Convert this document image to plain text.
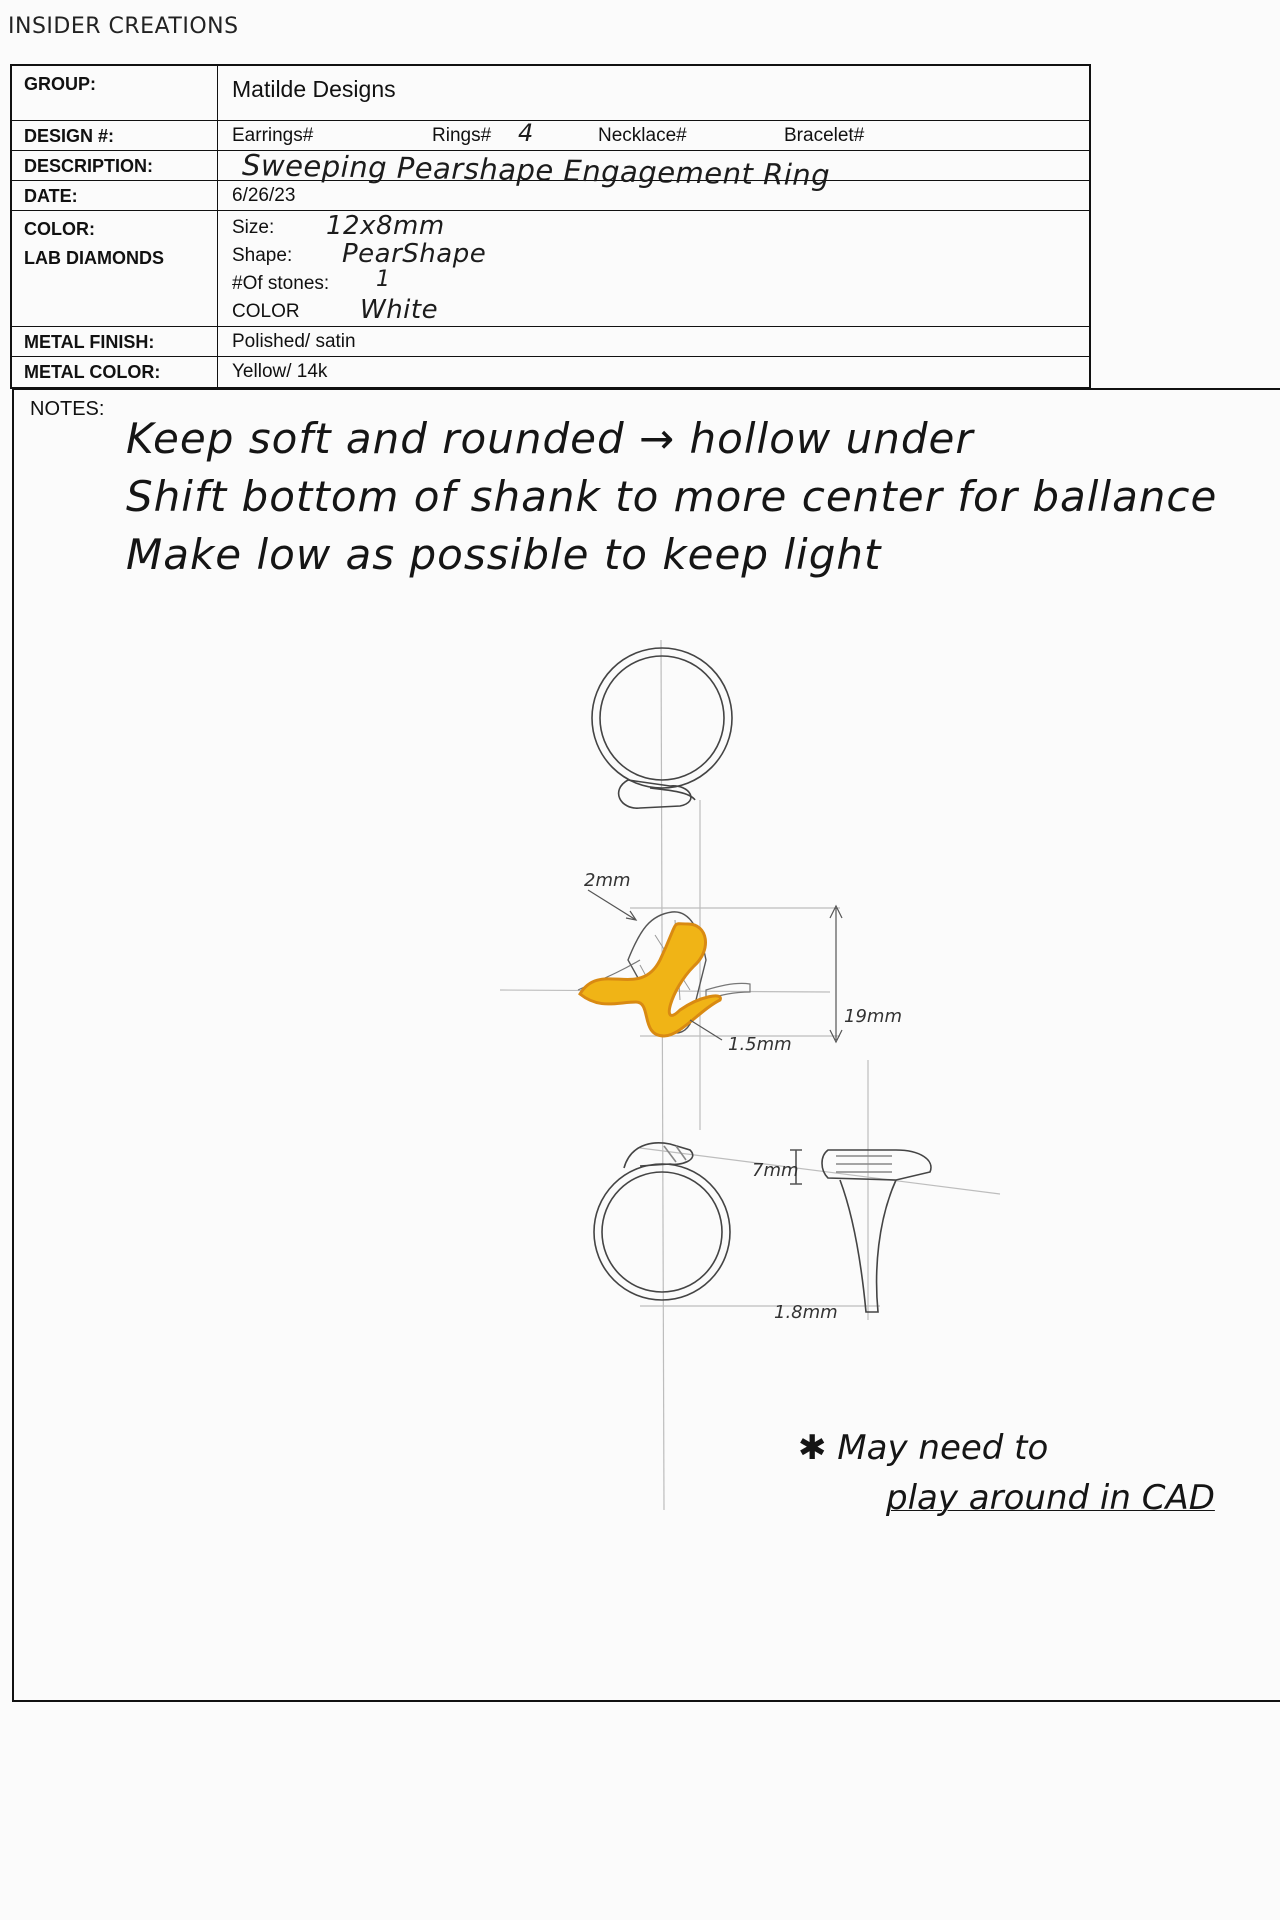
INSIDER CREATIONS
GROUP:	Matilde Designs
DESIGN #:	Earrings#	Rings# 4	Necklace#	Bracelet#
DESCRIPTION:	Sweeping Pearshape Engagement Ring
DATE:	6/26/23
COLOR:
LAB DIAMONDS
Size: 12x8mm
Shape: PearShape
#Of stones: 1
COLOR White
METAL FINISH:	Polished/ satin
METAL COLOR:	Yellow/ 14k
NOTES:
Keep soft and rounded → hollow under
Shift bottom of shank to more center for ballance
Make low as possible to keep light
2mm
19mm
1.5mm
7mm
1.8mm
✱ May need to
play around in CAD
